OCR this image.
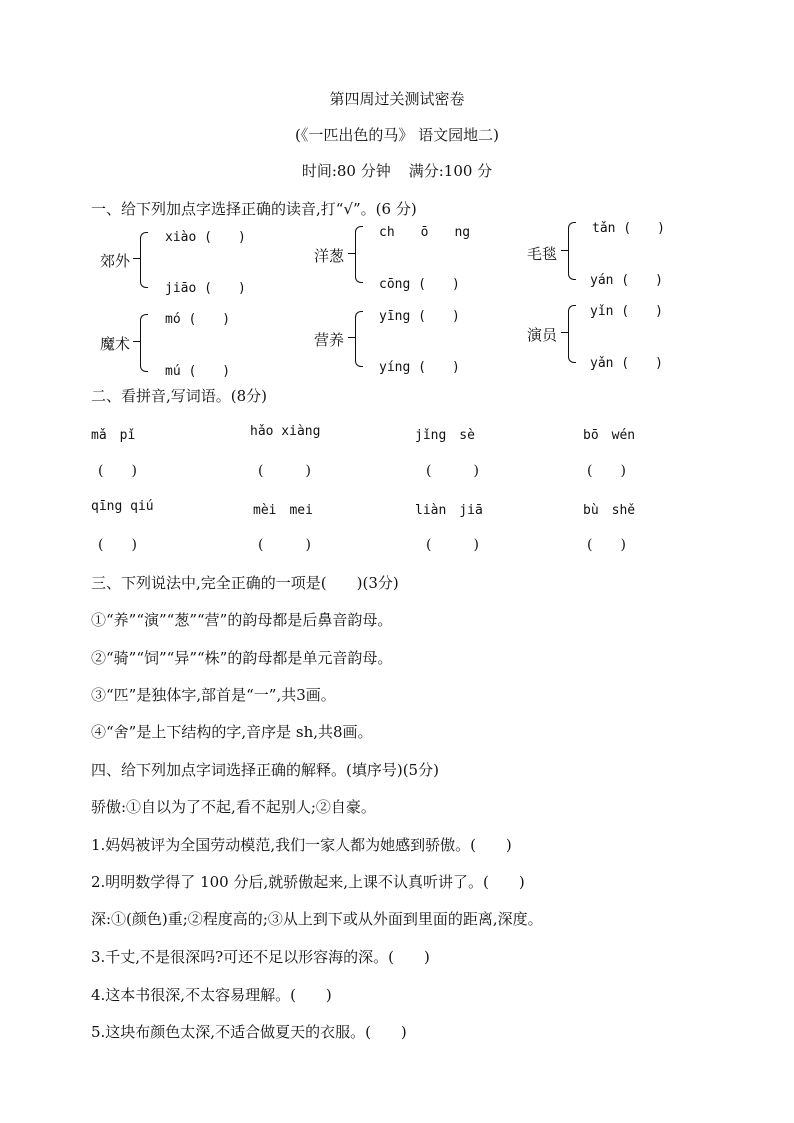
第四周过关测试密卷
(《一匹出色的马》 语文园地二)
时间:80 分钟 满分:100 分
一、给下列加点字选择正确的读音,打“√”。(6 分)
郊外
xiào (　　)
jiāo (　　)
洋葱
ch　　ō　　ng
cōng (　　)
毛毯
tǎn (　　)
yán (　　)
魔术
mó (　　)
mú (　　)
营养
yīng (　　)
yíng (　　)
演员
yǐn (　　)
yǎn (　　)
二、看拼音,写词语。(8分)
mǎ　pǐ	hǎo xiàng	jǐng　sè	bō　wén
(　　)	(　　　)	(　　　)	(　　)
qīng qiú	mèi　mei	liàn　jiā	bù　shě
(　　)	(　　　)	(　　　)	(　　)
三、下列说法中,完全正确的一项是(　　)(3分)
①“养”“演”“葱”“营”的韵母都是后鼻音韵母。
②“骑”“饲”“异”“株”的韵母都是单元音韵母。
③“匹”是独体字,部首是“一”,共3画。
④“舍”是上下结构的字,音序是 sh,共8画。
四、给下列加点字词选择正确的解释。(填序号)(5分)
骄傲:①自以为了不起,看不起别人;②自豪。
1.妈妈被评为全国劳动模范,我们一家人都为她感到骄傲。(　　)
2.明明数学得了 100 分后,就骄傲起来,上课不认真听讲了。(　　)
深:①(颜色)重;②程度高的;③从上到下或从外面到里面的距离,深度。
3.千丈,不是很深吗?可还不足以形容海的深。(　　)
4.这本书很深,不太容易理解。(　　)
5.这块布颜色太深,不适合做夏天的衣服。(　　)
